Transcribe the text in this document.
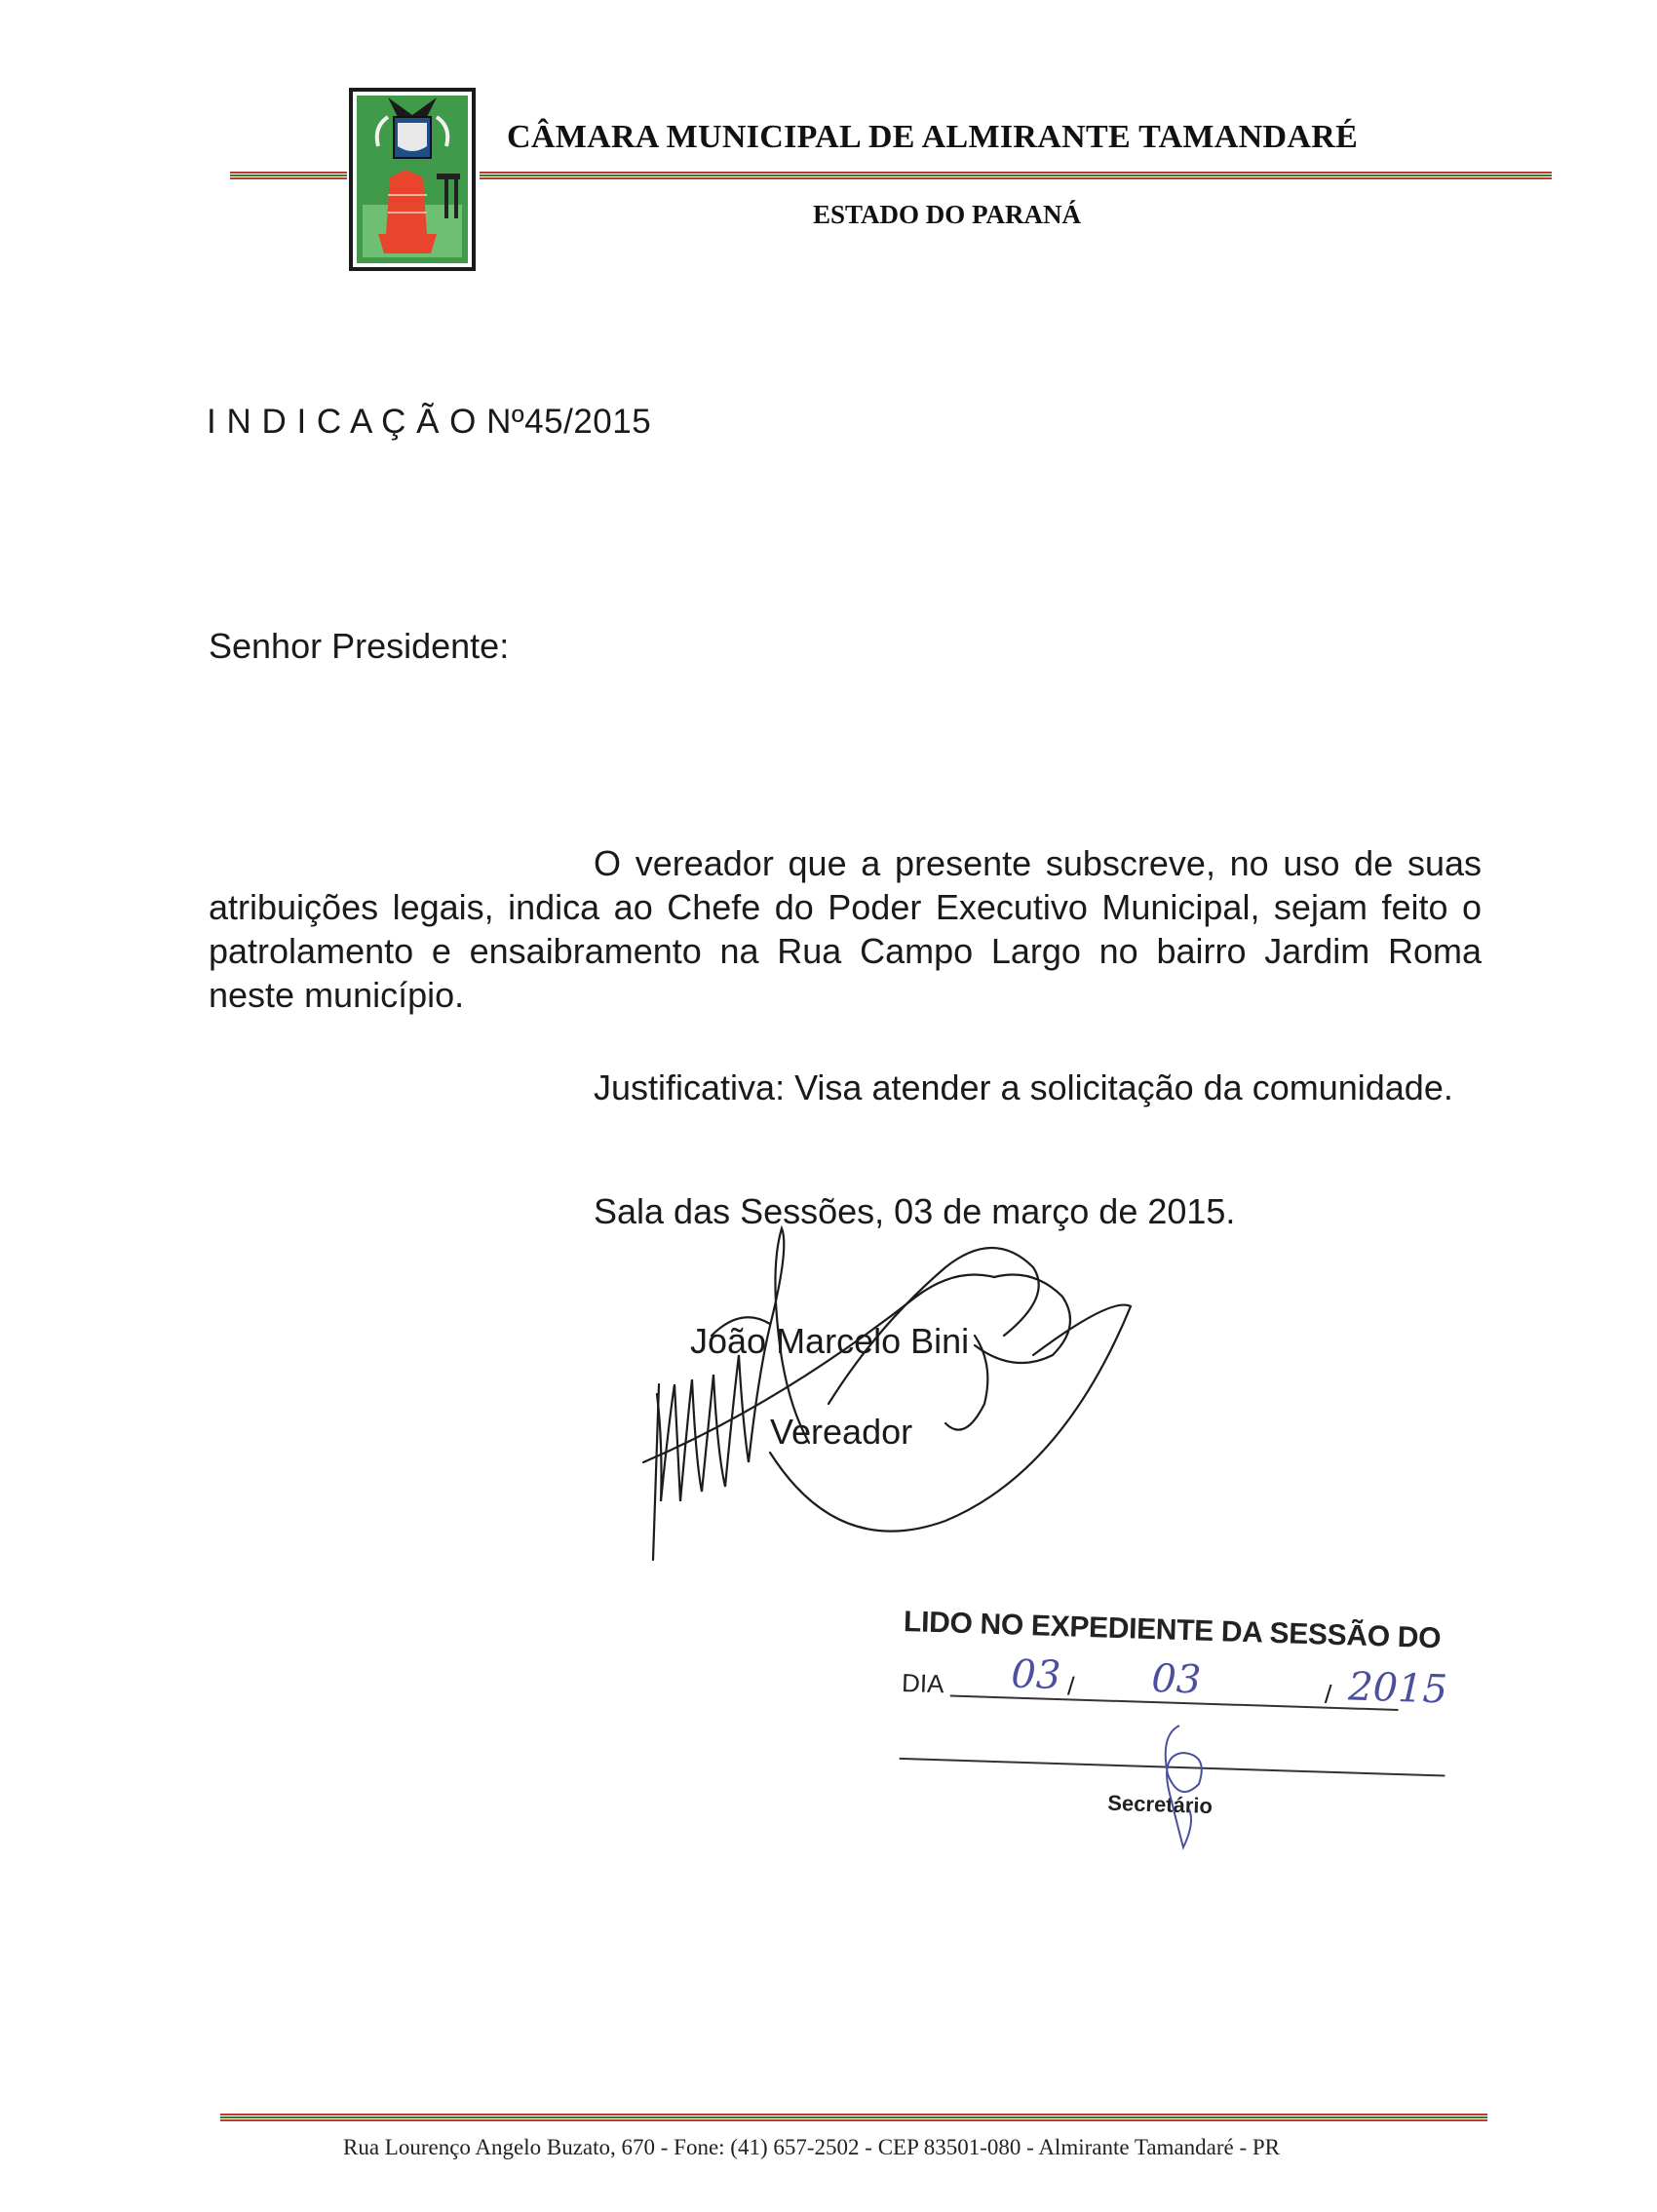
CÂMARA MUNICIPAL DE ALMIRANTE TAMANDARÉ
ESTADO DO PARANÁ
I N D I C A Ç Ã O Nº45/2015
Senhor Presidente:
O vereador que a presente subscreve, no uso de suas atribuições legais, indica ao Chefe do Poder Executivo Municipal, sejam feito o patrolamento e ensaibramento na Rua Campo Largo no bairro Jardim Roma neste município.
Justificativa: Visa atender a solicitação da comunidade.
Sala das Sessões, 03 de março de 2015.
João Marcelo Bini
Vereador
LIDO NO EXPEDIENTE DA SESSÃO DO
DIA 03 / 03	/ 2015
Secretário
Rua Lourenço Angelo Buzato, 670 - Fone: (41) 657-2502 - CEP 83501-080 - Almirante Tamandaré - PR
